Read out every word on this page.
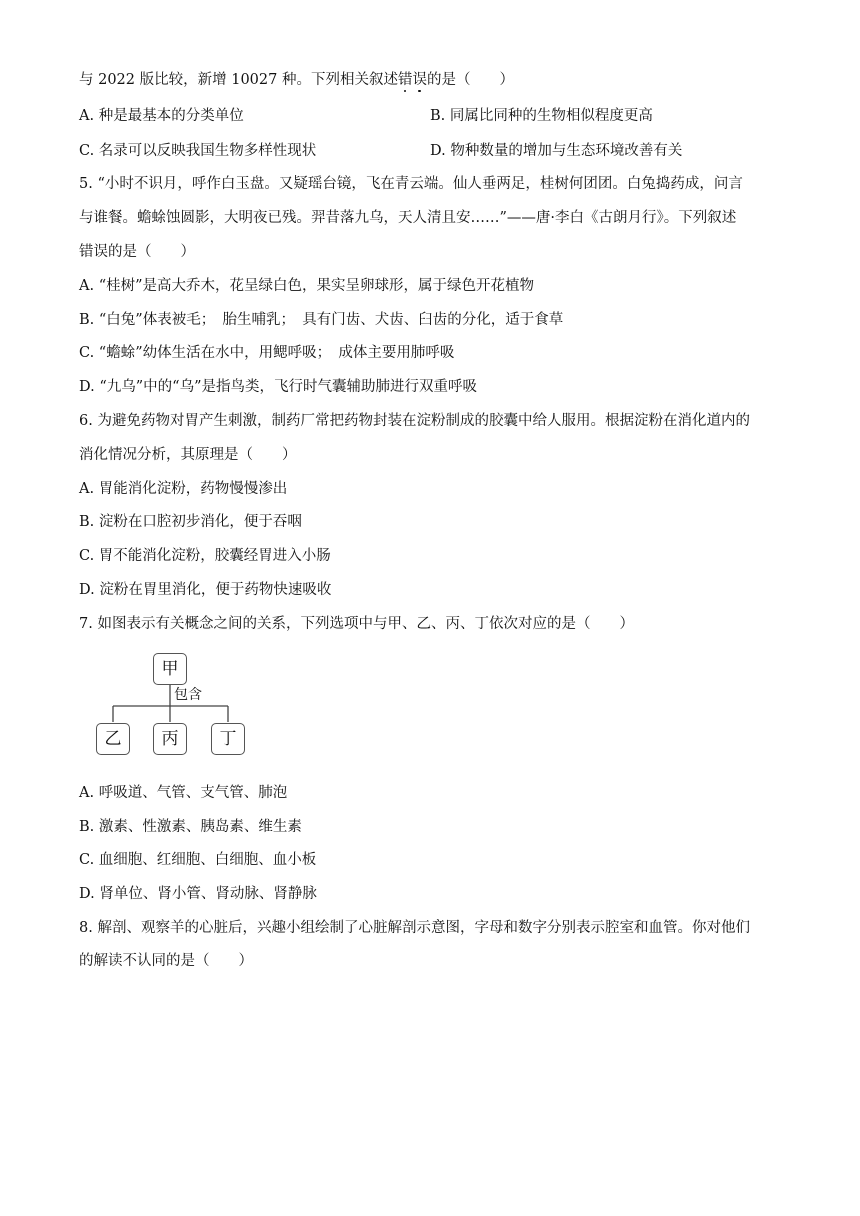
与 2022 版比较，新增 10027 种。下列相关叙述错误的是（　　）
A. 种是最基本的分类单位	B. 同属比同种的生物相似程度更高
C. 名录可以反映我国生物多样性现状	D. 物种数量的增加与生态环境改善有关
5. “小时不识月，呼作白玉盘。又疑瑶台镜，飞在青云端。仙人垂两足，桂树何团团。白兔捣药成，问言
与谁餐。蟾蜍蚀圆影，大明夜已残。羿昔落九乌，天人清且安……”——唐·李白《古朗月行》。下列叙述
错误的是（　　）
A. “桂树”是高大乔木，花呈绿白色，果实呈卵球形，属于绿色开花植物
B. “白兔”体表被毛；　胎生哺乳；　具有门齿、犬齿、臼齿的分化，适于食草
C. “蟾蜍”幼体生活在水中，用鳃呼吸；　成体主要用肺呼吸
D. “九乌”中的“乌”是指鸟类，飞行时气囊辅助肺进行双重呼吸
6. 为避免药物对胃产生刺激，制药厂常把药物封装在淀粉制成的胶囊中给人服用。根据淀粉在消化道内的
消化情况分析，其原理是（　　）
A. 胃能消化淀粉，药物慢慢渗出
B. 淀粉在口腔初步消化，便于吞咽
C. 胃不能消化淀粉，胶囊经胃进入小肠
D. 淀粉在胃里消化，便于药物快速吸收
7. 如图表示有关概念之间的关系，下列选项中与甲、乙、丙、丁依次对应的是（　　）
甲
包含
乙	丙	丁
A. 呼吸道、气管、支气管、肺泡
B. 激素、性激素、胰岛素、维生素
C. 血细胞、红细胞、白细胞、血小板
D. 肾单位、肾小管、肾动脉、肾静脉
8. 解剖、观察羊的心脏后，兴趣小组绘制了心脏解剖示意图，字母和数字分别表示腔室和血管。你对他们
的解读不认同的是（　　）
